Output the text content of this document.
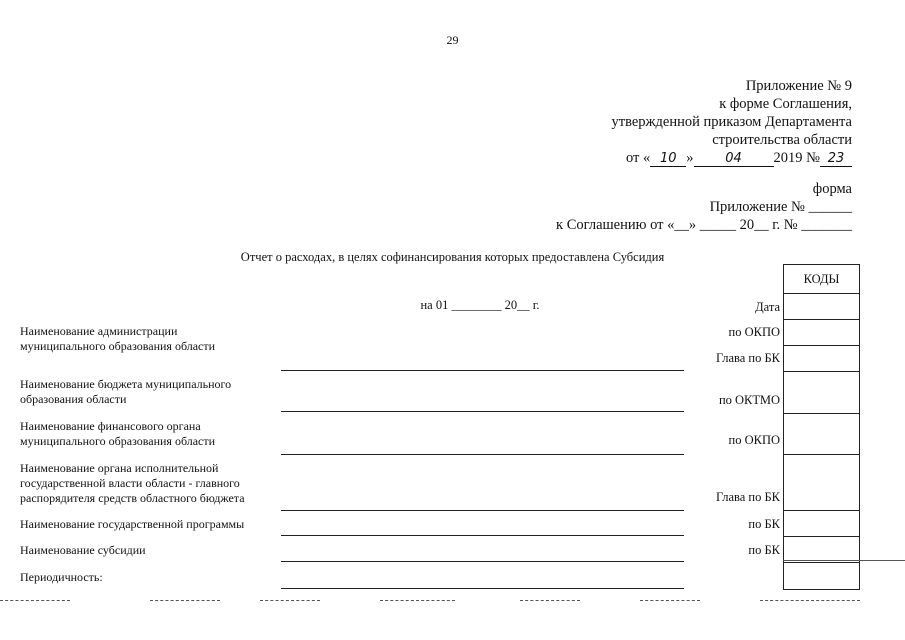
29
Приложение № 9
к форме Соглашения,
утвержденной приказом Департамента
строительства области
от « 10 » 04 2019 № 23
форма
Приложение № ______
к Соглашению от «__» _____ 20__ г. № _______
Отчет о расходах, в целях софинансирования которых предоставлена Субсидия
на 01 ________ 20__ г.
Наименование администрации муниципального образования области
Наименование бюджета муниципального образования области
Наименование финансового органа муниципального образования области
Наименование органа исполнительной государственной власти области - главного распорядителя средств областного бюджета
Наименование государственной программы
Наименование субсидии
Периодичность:
Дата
по ОКПО
Глава по БК
по ОКТМО
по ОКПО
Глава по БК
по БК
по БК
КОДЫ
